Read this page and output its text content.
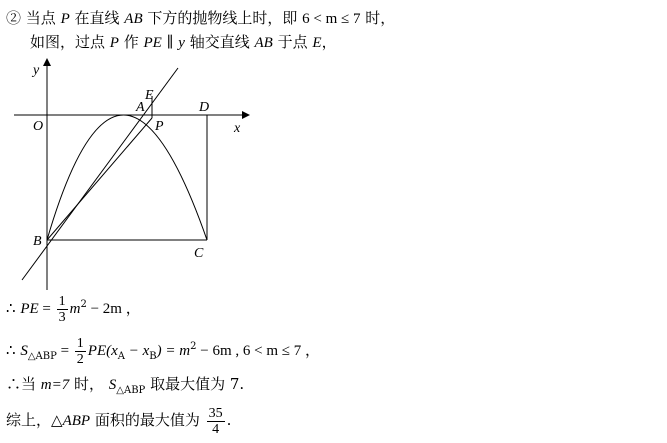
② 当点 P 在直线 AB 下方的抛物线上时，即 6 < m ≤ 7 时，
如图，过点 P 作 PE ∥ y 轴交直线 AB 于点 E，
y
x
O
A
E
D
P
B
C
∴ PE = $\frac{1}{3} m^2 - 2m$ ，
∴ $S_{\triangle ABP} = \frac{1}{2} PE(x_A - x_B) = m^2 - 6m$ , 6 < m ≤ 7 ，
∴当 m=7 时， $S_{\triangle ABP}$ 取最大值为 7.
综上，△ABP 面积的最大值为 $\frac{35}{4}$ .
